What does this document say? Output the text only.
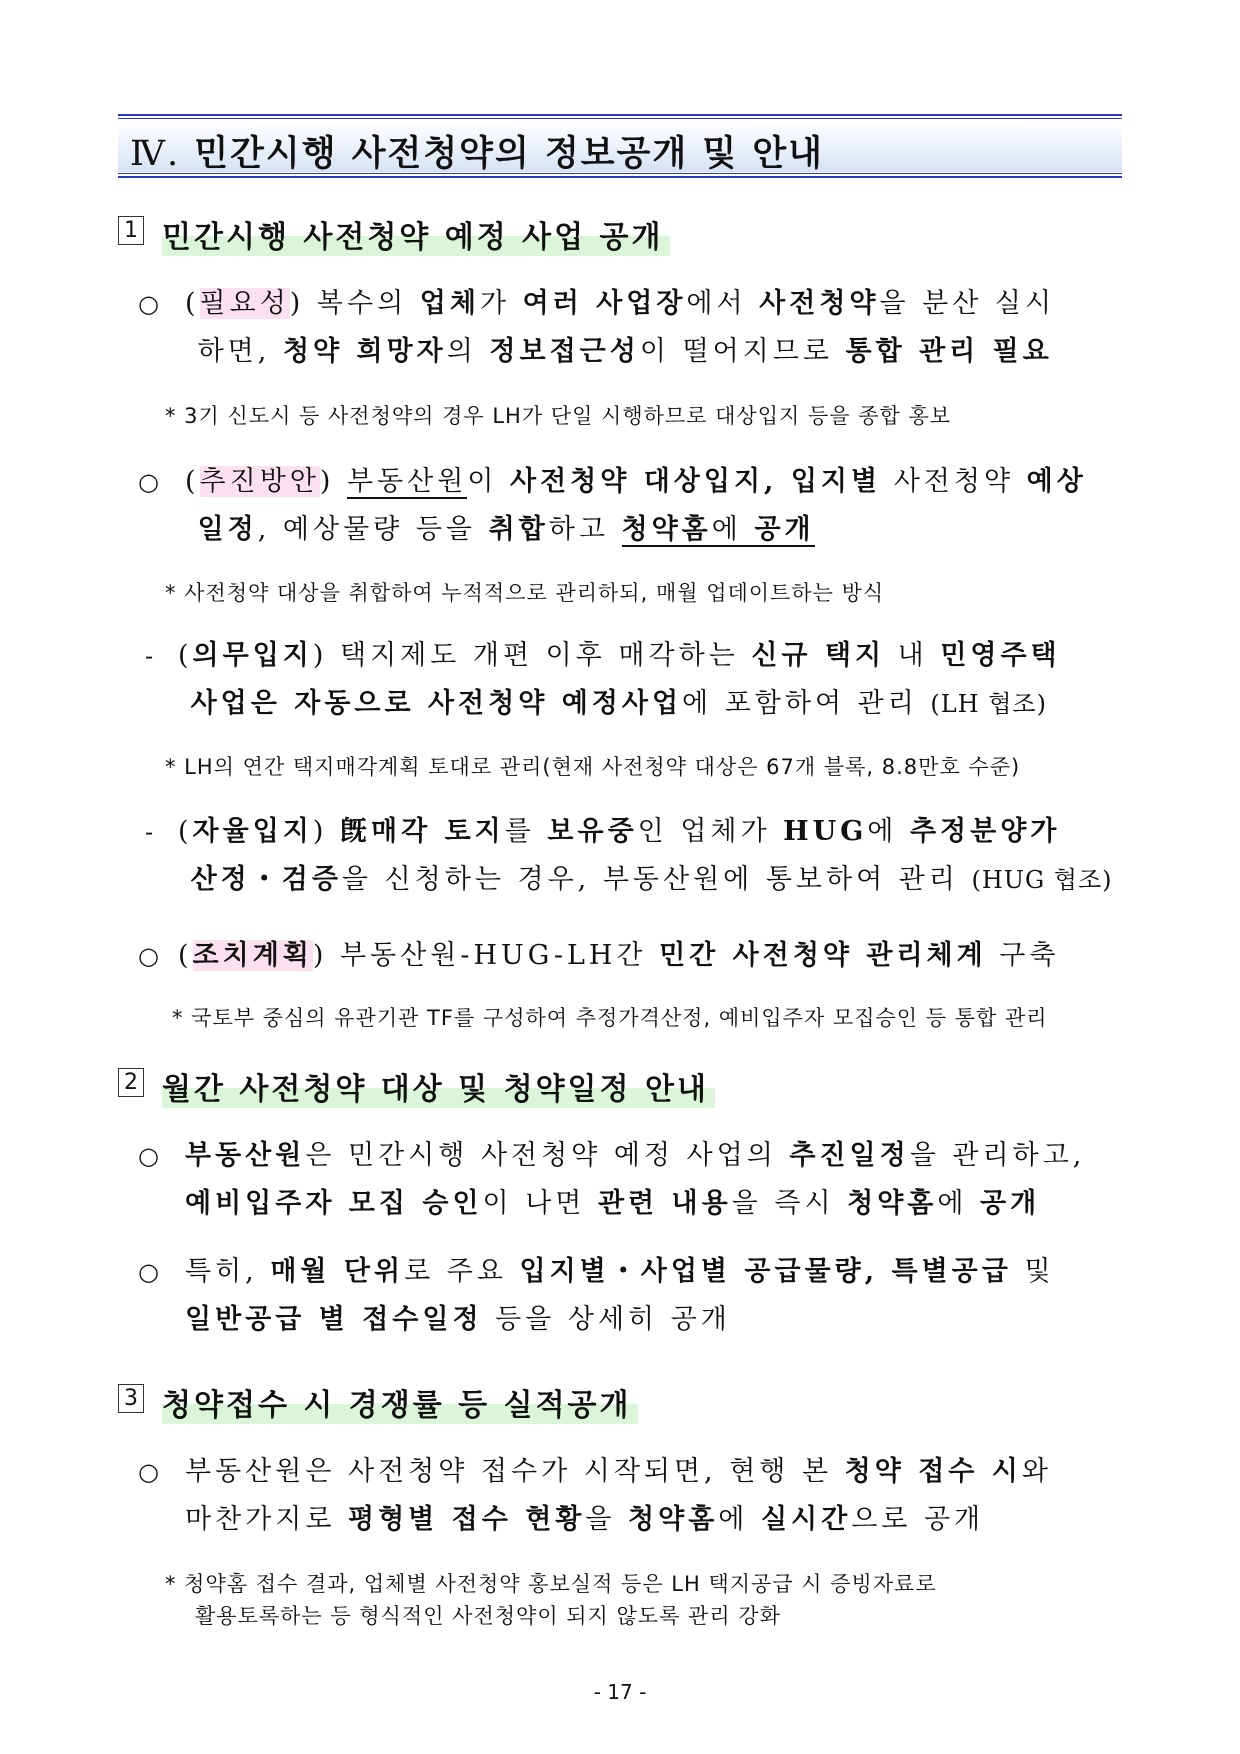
Ⅳ. 민간시행 사전청약의 정보공개 및 안내
1 민간시행 사전청약 예정 사업 공개
○ (필요성) 복수의 업체가 여러 사업장에서 사전청약을 분산 실시
하면, 청약 희망자의 정보접근성이 떨어지므로 통합 관리 필요
* 3기 신도시 등 사전청약의 경우 LH가 단일 시행하므로 대상입지 등을 종합 홍보
○ (추진방안) 부동산원이 사전청약 대상입지, 입지별 사전청약 예상
일정, 예상물량 등을 취합하고 청약홈에 공개
* 사전청약 대상을 취합하여 누적적으로 관리하되, 매월 업데이트하는 방식
- (의무입지) 택지제도 개편 이후 매각하는 신규 택지 내 민영주택
사업은 자동으로 사전청약 예정사업에 포함하여 관리 (LH 협조)
* LH의 연간 택지매각계획 토대로 관리(현재 사전청약 대상은 67개 블록, 8.8만호 수준)
- (자율입지) 旣매각 토지를 보유중인 업체가 HUG에 추정분양가
산정・검증을 신청하는 경우, 부동산원에 통보하여 관리 (HUG 협조)
○ (조치계획) 부동산원-HUG-LH간 민간 사전청약 관리체계 구축
* 국토부 중심의 유관기관 TF를 구성하여 추정가격산정, 예비입주자 모집승인 등 통합 관리
2 월간 사전청약 대상 및 청약일정 안내
○ 부동산원은 민간시행 사전청약 예정 사업의 추진일정을 관리하고,
예비입주자 모집 승인이 나면 관련 내용을 즉시 청약홈에 공개
○ 특히, 매월 단위로 주요 입지별・사업별 공급물량, 특별공급 및
일반공급 별 접수일정 등을 상세히 공개
3 청약접수 시 경쟁률 등 실적공개
○ 부동산원은 사전청약 접수가 시작되면, 현행 본 청약 접수 시와
마찬가지로 평형별 접수 현황을 청약홈에 실시간으로 공개
* 청약홈 접수 결과, 업체별 사전청약 홍보실적 등은 LH 택지공급 시 증빙자료로
활용토록하는 등 형식적인 사전청약이 되지 않도록 관리 강화
- 17 -
